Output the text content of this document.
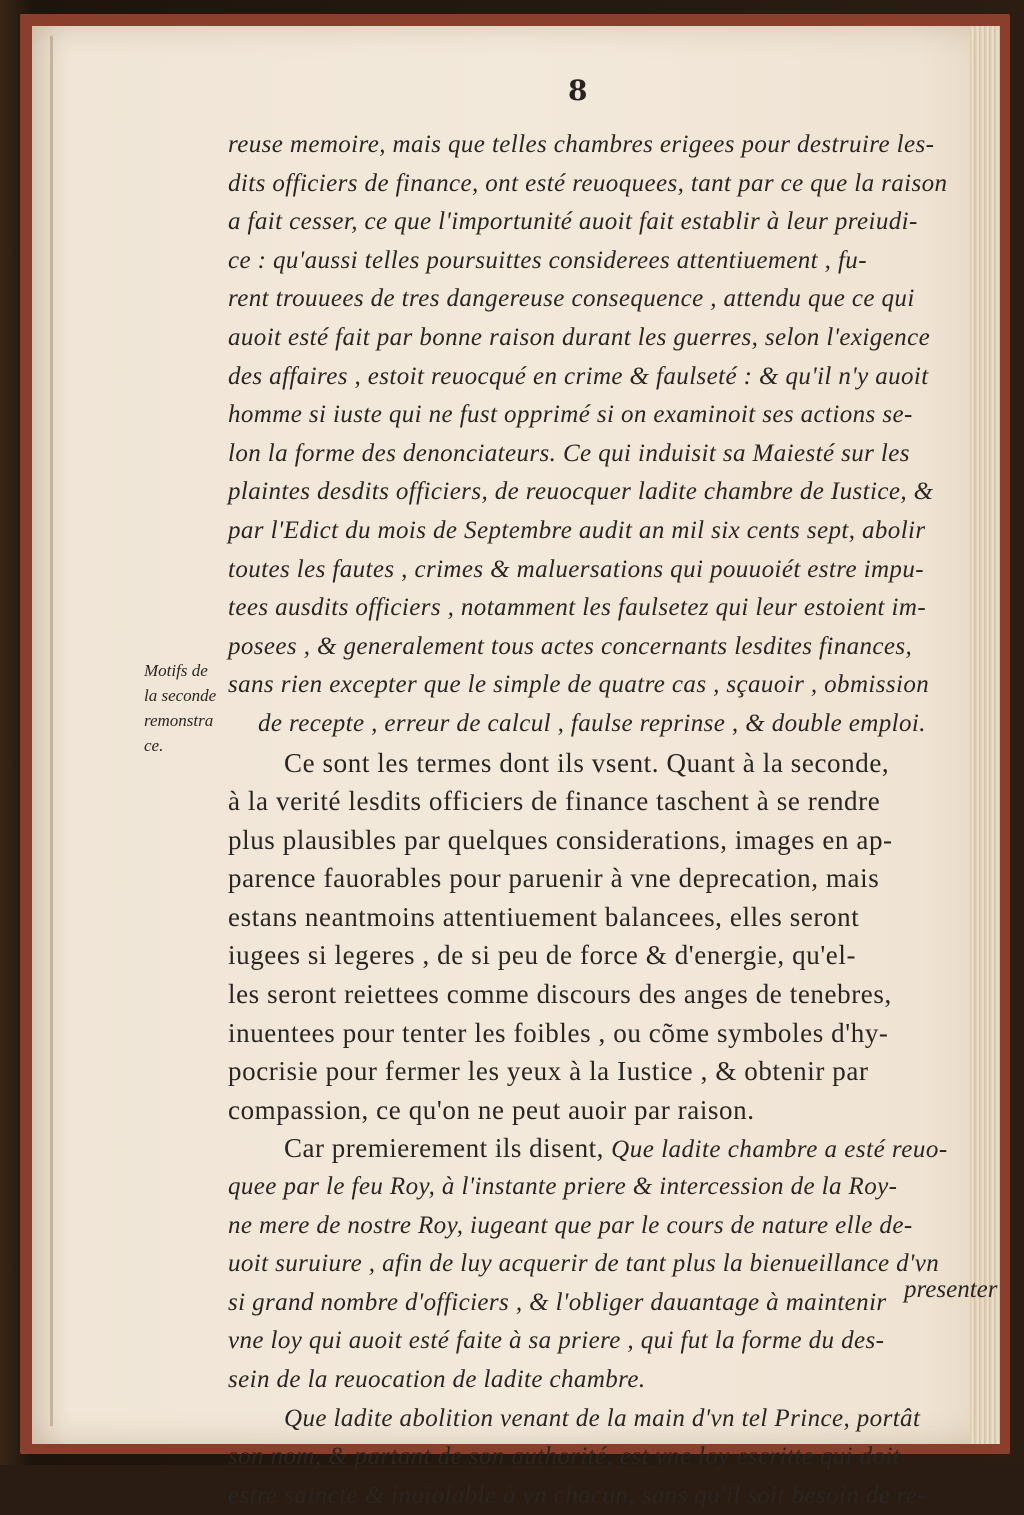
8
Motifs de
la seconde
remonstra
ce.
reuse memoire, mais que telles chambres erigees pour destruire les-
dits officiers de finance, ont esté reuoquees, tant par ce que la raison
a fait cesser, ce que l'importunité auoit fait establir à leur preiudi-
ce : qu'aussi telles poursuittes considerees attentiuement , fu-
rent trouuees de tres dangereuse consequence , attendu que ce qui
auoit esté fait par bonne raison durant les guerres, selon l'exigence
des affaires , estoit reuocqué en crime & faulseté : & qu'il n'y auoit
homme si iuste qui ne fust opprimé si on examinoit ses actions se-
lon la forme des denonciateurs. Ce qui induisit sa Maiesté sur les
plaintes desdits officiers, de reuocquer ladite chambre de Iustice, &
par l'Edict du mois de Septembre audit an mil six cents sept, abolir
toutes les fautes , crimes & maluersations qui pouuoiét estre impu-
tees ausdits officiers , notamment les faulsetez qui leur estoient im-
posees , & generalement tous actes concernants lesdites finances,
sans rien excepter que le simple de quatre cas , sçauoir , obmission
de recepte , erreur de calcul , faulse reprinse , & double emploi.
Ce sont les termes dont ils vsent. Quant à la seconde,
à la verité lesdits officiers de finance taschent à se rendre
plus plausibles par quelques considerations, images en ap-
parence fauorables pour paruenir à vne deprecation, mais
estans neantmoins attentiuement balancees, elles seront
iugees si legeres , de si peu de force & d'energie, qu'el-
les seront reiettees comme discours des anges de tenebres,
inuentees pour tenter les foibles , ou cõme symboles d'hy-
pocrisie pour fermer les yeux à la Iustice , & obtenir par
compassion, ce qu'on ne peut auoir par raison.
Car premierement ils disent, Que ladite chambre a esté reuo-
quee par le feu Roy, à l'instante priere & intercession de la Roy-
ne mere de nostre Roy, iugeant que par le cours de nature elle de-
uoit suruiure , afin de luy acquerir de tant plus la bienueillance d'vn
si grand nombre d'officiers , & l'obliger dauantage à maintenir
vne loy qui auoit esté faite à sa priere , qui fut la forme du des-
sein de la reuocation de ladite chambre.
Que ladite abolition venant de la main d'vn tel Prince, portât
son nom, & partant de son authorité, est vne loy escritte qui doit
estre saincte & inuiolable à vn chacun, sans qu'il soit besoin de re-
presenter
